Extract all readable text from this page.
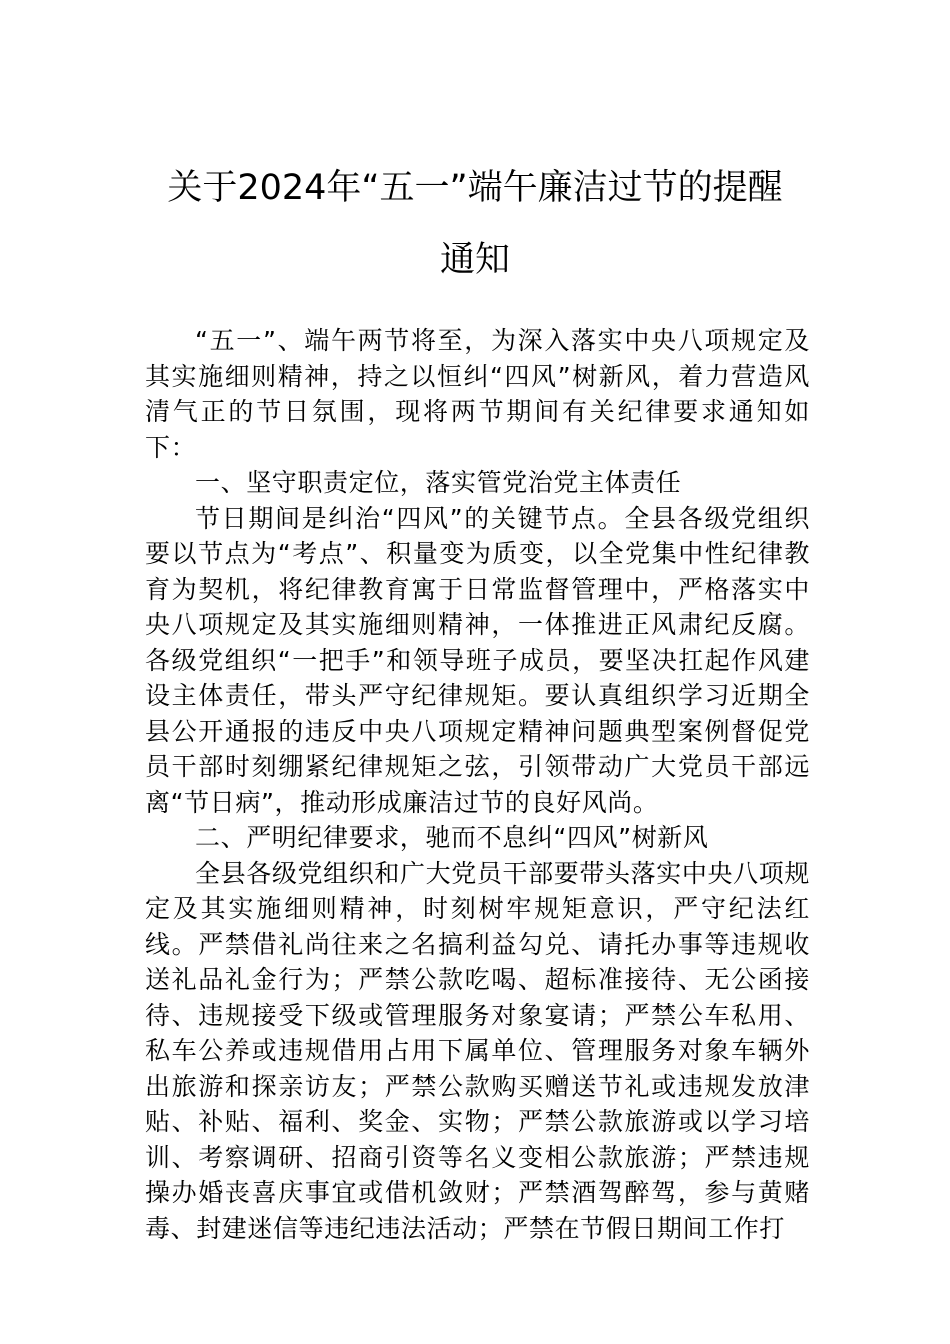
关于2024年“五一”端午廉洁过节的提醒
通知

“五一”、端午两节将至，为深入落实中央八项规定及其实施细则精神，持之以恒纠“四风”树新风，着力营造风清气正的节日氛围，现将两节期间有关纪律要求通知如下：

一、坚守职责定位，落实管党治党主体责任

节日期间是纠治“四风”的关键节点。全县各级党组织要以节点为“考点”、积量变为质变，以全党集中性纪律教育为契机，将纪律教育寓于日常监督管理中，严格落实中央八项规定及其实施细则精神，一体推进正风肃纪反腐。各级党组织“一把手”和领导班子成员，要坚决扛起作风建设主体责任，带头严守纪律规矩。要认真组织学习近期全县公开通报的违反中央八项规定精神问题典型案例督促党员干部时刻绷紧纪律规矩之弦，引领带动广大党员干部远离“节日病”，推动形成廉洁过节的良好风尚。

二、严明纪律要求，驰而不息纠“四风”树新风

全县各级党组织和广大党员干部要带头落实中央八项规定及其实施细则精神，时刻树牢规矩意识，严守纪法红线。严禁借礼尚往来之名搞利益勾兑、请托办事等违规收送礼品礼金行为；严禁公款吃喝、超标准接待、无公函接待、违规接受下级或管理服务对象宴请；严禁公车私用、私车公养或违规借用占用下属单位、管理服务对象车辆外出旅游和探亲访友；严禁公款购买赠送节礼或违规发放津贴、补贴、福利、奖金、实物；严禁公款旅游或以学习培训、考察调研、招商引资等名义变相公款旅游；严禁违规操办婚丧喜庆事宜或借机敛财；严禁酒驾醉驾，参与黄赌毒、封建迷信等违纪违法活动；严禁在节假日期间工作打
